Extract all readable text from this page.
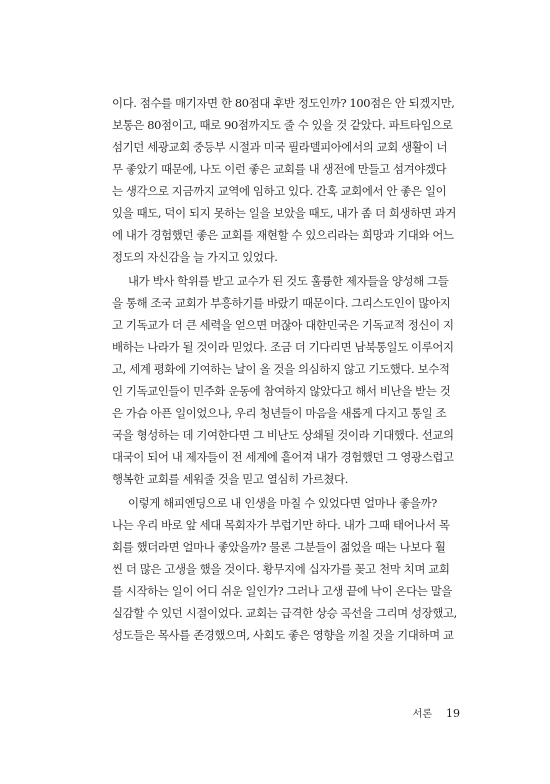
이다. 점수를 매기자면 한 80점대 후반 정도인까? 100점은 안 되겠지만,
보통은 80점이고, 때로 90점까지도 줄 수 있을 것 같았다. 파트타임으로
섬기던 세광교회 중등부 시절과 미국 필라델피아에서의 교회 생활이 너
무 좋았기 때문에, 나도 이런 좋은 교회를 내 생전에 만들고 섬겨야겠다
는 생각으로 지금까지 교역에 임하고 있다. 간혹 교회에서 안 좋은 일이
있을 때도, 덕이 되지 못하는 일을 보았을 때도, 내가 좀 더 희생하면 과거
에 내가 경험했던 좋은 교회를 재현할 수 있으리라는 희망과 기대와 어느
정도의 자신감을 늘 가지고 있었다.
내가 박사 학위를 받고 교수가 된 것도 훌륭한 제자들을 양성해 그들
을 통해 조국 교회가 부흥하기를 바랐기 때문이다. 그리스도인이 많아지
고 기독교가 더 큰 세력을 얻으면 머잖아 대한민국은 기독교적 정신이 지
배하는 나라가 될 것이라 믿었다. 조금 더 기다리면 남북통일도 이루어지
고, 세계 평화에 기여하는 날이 올 것을 의심하지 않고 기도했다. 보수적
인 기독교인들이 민주화 운동에 참여하지 않았다고 해서 비난을 받는 것
은 가슴 아픈 일이었으나, 우리 청년들이 마음을 새롭게 다지고 통일 조
국을 형성하는 데 기여한다면 그 비난도 상쇄될 것이라 기대했다. 선교의
대국이 되어 내 제자들이 전 세계에 흩어져 내가 경험했던 그 영광스럽고
행복한 교회를 세워줄 것을 믿고 열심히 가르쳤다.
이렇게 해피엔딩으로 내 인생을 마칠 수 있었다면 얼마나 좋을까?
나는 우리 바로 앞 세대 목회자가 부럽기만 하다. 내가 그때 태어나서 목
회를 했더라면 얼마나 좋았을까? 물론 그분들이 젊었을 때는 나보다 훨
씬 더 많은 고생을 했을 것이다. 황무지에 십자가를 꽂고 천막 치며 교회
를 시작하는 일이 어디 쉬운 일인가? 그러나 고생 끝에 낙이 온다는 말을
실감할 수 있던 시절이었다. 교회는 급격한 상승 곡선을 그리며 성장했고,
성도들은 목사를 존경했으며, 사회도 좋은 영향을 끼칠 것을 기대하며 교
서론 19
